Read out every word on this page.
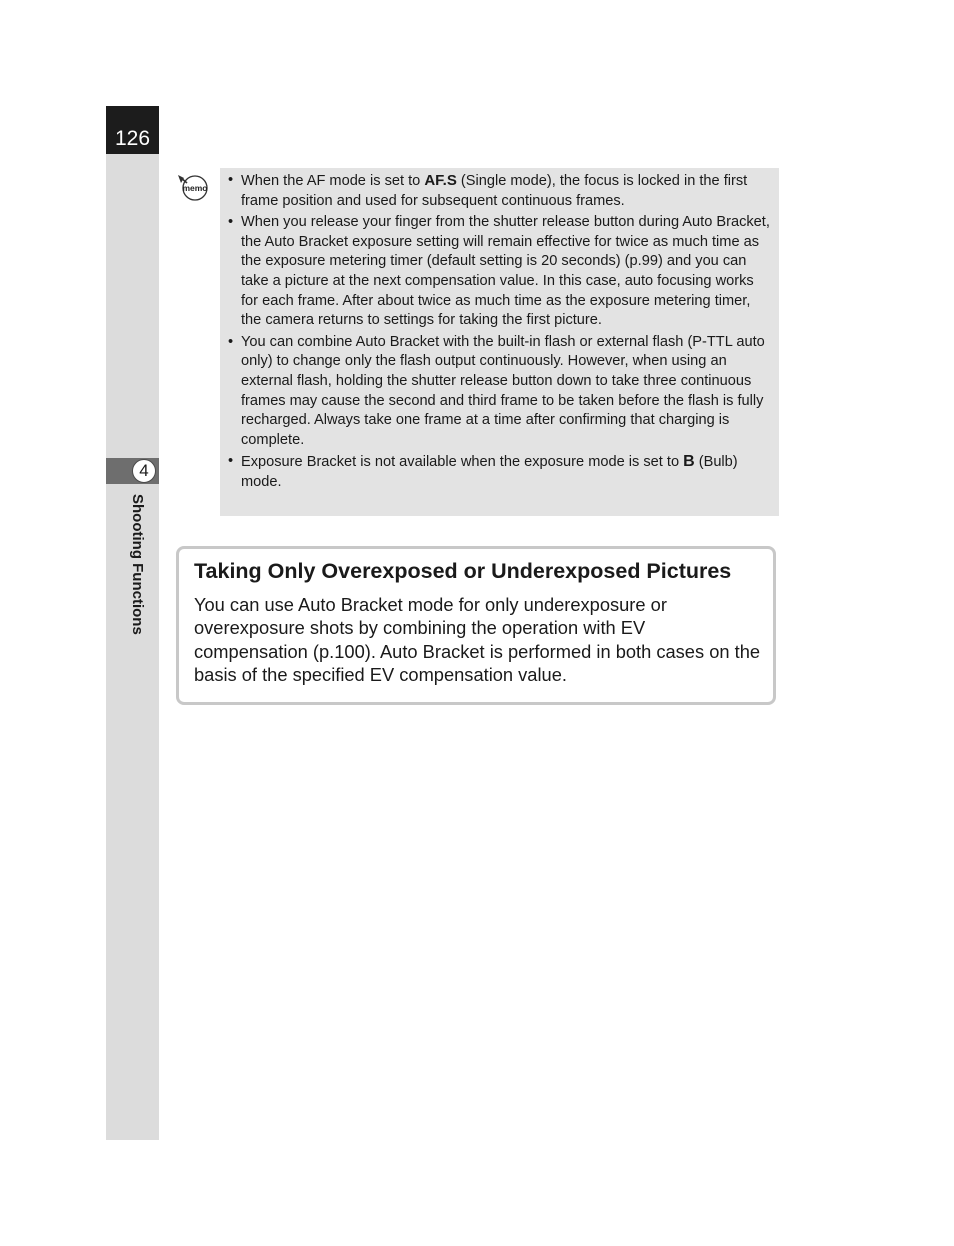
126
4
Shooting Functions
memo
• When the AF mode is set to AF.S (Single mode), the focus is locked in the first frame position and used for subsequent continuous frames.
• When you release your finger from the shutter release button during Auto Bracket, the Auto Bracket exposure setting will remain effective for twice as much time as the exposure metering timer (default setting is 20 seconds) (p.99) and you can take a picture at the next compensation value. In this case, auto focusing works for each frame. After about twice as much time as the exposure metering timer, the camera returns to settings for taking the first picture.
• You can combine Auto Bracket with the built-in flash or external flash (P-TTL auto only) to change only the flash output continuously. However, when using an external flash, holding the shutter release button down to take three continuous frames may cause the second and third frame to be taken before the flash is fully recharged. Always take one frame at a time after confirming that charging is complete.
• Exposure Bracket is not available when the exposure mode is set to B (Bulb) mode.
Taking Only Overexposed or Underexposed Pictures

You can use Auto Bracket mode for only underexposure or overexposure shots by combining the operation with EV compensation (p.100). Auto Bracket is performed in both cases on the basis of the specified EV compensation value.
